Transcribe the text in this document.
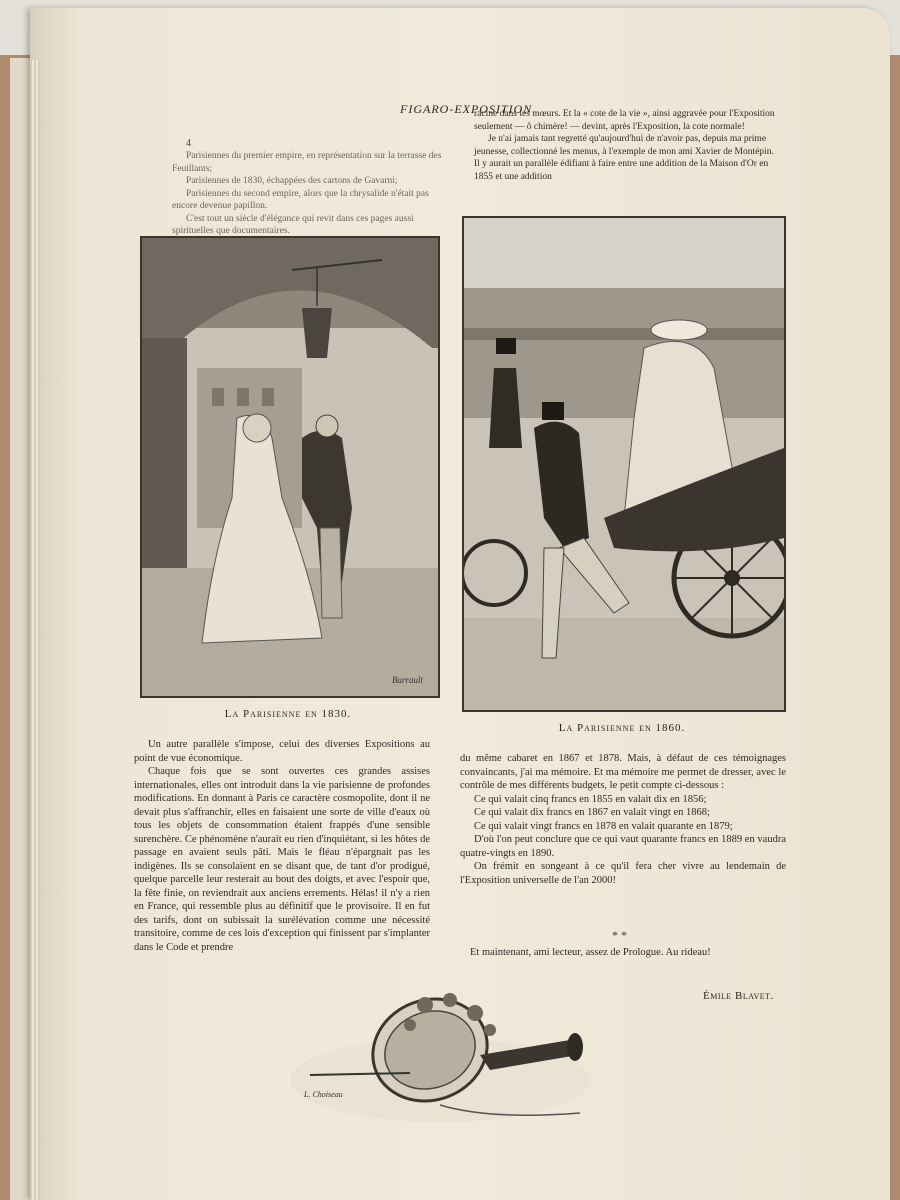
FIGARO-EXPOSITION
4

Parisiennes du premier empire, en représentation sur la terrasse des Feuillants;

Parisiennes de 1830, échappées des cartons de Gavarni;

Parisiennes du second empire, alors que la chrysalide n'était pas encore devenue papillon.

C'est tout un siècle d'élégance qui revit dans ces pages aussi spirituelles que documentaires.

racine dans les mœurs. Et la « cote de la vie », ainsi aggravée pour l'Exposition seulement — ô chimère! — devint, après l'Exposition, la cote normale!

Je n'ai jamais tant regretté qu'aujourd'hui de n'avoir pas, depuis ma prime jeunesse, collectionné les menus, à l'exemple de mon ami Xavier de Montépin. Il y aurait un parallèle édifiant à faire entre une addition de la Maison d'Or en 1855 et une addition

Barrault
La Parisienne en 1830.
La Parisienne en 1860.

Un autre parallèle s'impose, celui des diverses Expositions au point de vue économique.

Chaque fois que se sont ouvertes ces grandes assises internationales, elles ont introduit dans la vie parisienne de profondes modifications. En donnant à Paris ce caractère cosmopolite, dont il ne devait plus s'affranchir, elles en faisaient une sorte de ville d'eaux où tous les objets de consommation étaient frappés d'une sensible surenchère. Ce phénomène n'aurait eu rien d'inquiétant, si les hôtes de passage en avaient seuls pâti. Mais le fléau n'épargnait pas les indigènes. Ils se consolaient en se disant que, de tant d'or prodigué, quelque parcelle leur resterait au bout des doigts, et avec l'espoir que, la fête finie, on reviendrait aux anciens errements. Hélas! il n'y a rien en France, qui ressemble plus au définitif que le provisoire. Il en fut des tarifs, dont on subissait la surélévation comme une nécessité transitoire, comme de ces lois d'exception qui finissent par s'implanter dans le Code et prendre

du même cabaret en 1867 et 1878. Mais, à défaut de ces témoignages convaincants, j'ai ma mémoire. Et ma mémoire me permet de dresser, avec le contrôle de mes différents budgets, le petit compte ci-dessous :

Ce qui valait cinq francs en 1855 en valait dix en 1856;

Ce qui valait dix francs en 1867 en valait vingt en 1868;

Ce qui valait vingt francs en 1878 en valait quarante en 1879;

D'où l'on peut conclure que ce qui vaut quarante francs en 1889 en vaudra quatre-vingts en 1890.

On frémit en songeant à ce qu'il fera cher vivre au lendemain de l'Exposition universelle de l'an 2000!

* *
Et maintenant, ami lecteur, assez de Prologue. Au rideau!
Émile Blavet.
L. Choiseau
